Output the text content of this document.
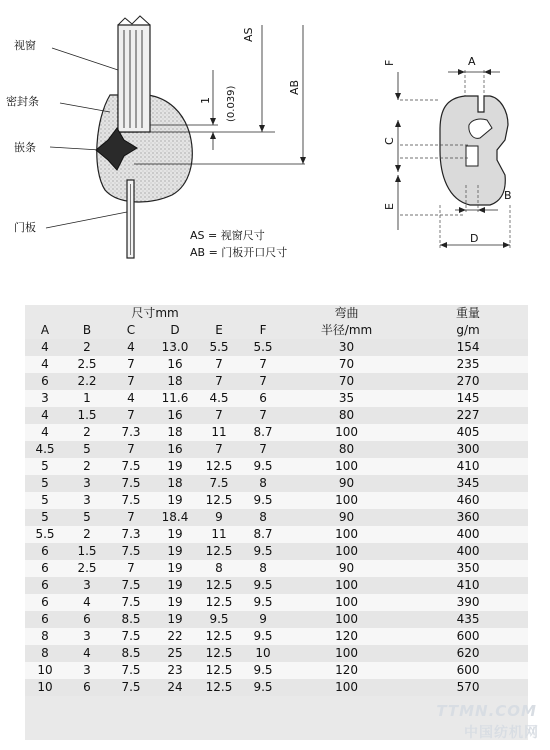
视窗
密封条
嵌条
门板
AS
AB
1 (0.039)
AS = 视窗尺寸
AB = 门板开口尺寸
A
B
C
D
E
F
尺寸mm						弯曲	重量
A	B	C	D	E	F	半径/mm	g/m
4	2	4	13.0	5.5	5.5	30	154
4	2.5	7	16	7	7	70	235
6	2.2	7	18	7	7	70	270
3	1	4	11.6	4.5	6	35	145
4	1.5	7	16	7	7	80	227
4	2	7.3	18	11	8.7	100	405
4.5	5	7	16	7	7	80	300
5	2	7.5	19	12.5	9.5	100	410
5	3	7.5	18	7.5	8	90	345
5	3	7.5	19	12.5	9.5	100	460
5	5	7	18.4	9	8	90	360
5.5	2	7.3	19	11	8.7	100	400
6	1.5	7.5	19	12.5	9.5	100	400
6	2.5	7	19	8	8	90	350
6	3	7.5	19	12.5	9.5	100	410
6	4	7.5	19	12.5	9.5	100	390
6	6	8.5	19	9.5	9	100	435
8	3	7.5	22	12.5	9.5	120	600
8	4	8.5	25	12.5	10	100	620
10	3	7.5	23	12.5	9.5	120	600
10	6	7.5	24	12.5	9.5	100	570
TTMN.COM
中国纺机网
